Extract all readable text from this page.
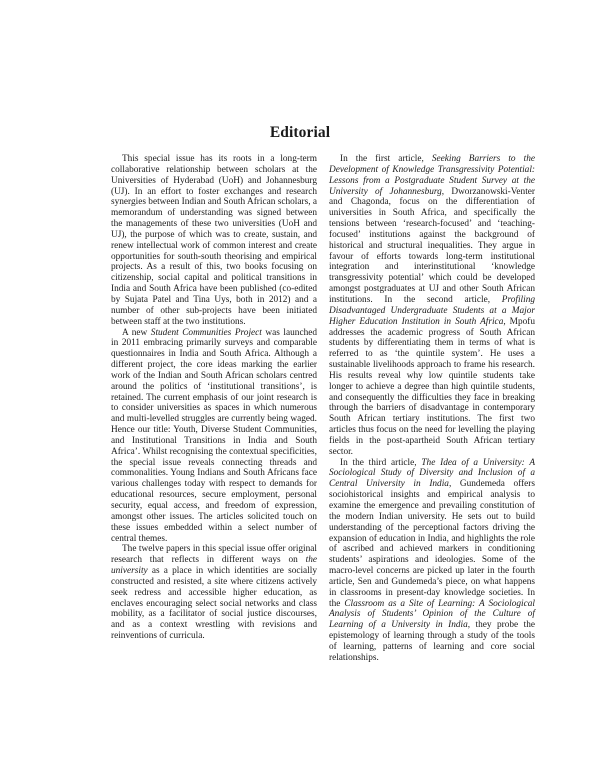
Editorial

This special issue has its roots in a long-term collaborative relationship between scholars at the Universities of Hyderabad (UoH) and Johannesburg (UJ). In an effort to foster exchanges and research synergies between Indian and South African scholars, a memorandum of understanding was signed between the managements of these two universities (UoH and UJ), the purpose of which was to create, sustain, and renew intellectual work of common interest and create opportunities for south-south theorising and empirical projects. As a result of this, two books focusing on citizenship, social capital and political transitions in India and South Africa have been published (co-edited by Sujata Patel and Tina Uys, both in 2012) and a number of other sub-projects have been initiated between staff at the two institutions.

A new Student Communities Project was launched in 2011 embracing primarily surveys and comparable questionnaires in India and South Africa. Although a different project, the core ideas marking the earlier work of the Indian and South African scholars centred around the politics of ‘institutional transitions’, is retained. The current emphasis of our joint research is to consider universities as spaces in which numerous and multi-levelled struggles are currently being waged. Hence our title: Youth, Diverse Student Communities, and Institutional Transitions in India and South Africa’. Whilst recognising the contextual specificities, the special issue reveals connecting threads and commonalities. Young Indians and South Africans face various challenges today with respect to demands for educational resources, secure employment, personal security, equal access, and freedom of expression, amongst other issues. The articles solicited touch on these issues embedded within a select number of central themes.

The twelve papers in this special issue offer original research that reflects in different ways on the university as a place in which identities are socially constructed and resisted, a site where citizens actively seek redress and accessible higher education, as enclaves encouraging select social networks and class mobility, as a facilitator of social justice discourses, and as a context wrestling with revisions and reinventions of curricula.

In the first article, Seeking Barriers to the Development of Knowledge Transgressivity Potential: Lessons from a Postgraduate Student Survey at the University of Johannesburg, Dworzanowski-Venter and Chagonda, focus on the differentiation of universities in South Africa, and specifically the tensions between ‘research-focused’ and ‘teaching-focused’ institutions against the background of historical and structural inequalities. They argue in favour of efforts towards long-term institutional integration and interinstitutional ‘knowledge transgressivity potential’ which could be developed amongst postgraduates at UJ and other South African institutions. In the second article, Profiling Disadvantaged Undergraduate Students at a Major Higher Education Institution in South Africa, Mpofu addresses the academic progress of South African students by differentiating them in terms of what is referred to as ‘the quintile system’. He uses a sustainable livelihoods approach to frame his research. His results reveal why low quintile students take longer to achieve a degree than high quintile students, and consequently the difficulties they face in breaking through the barriers of disadvantage in contemporary South African tertiary institutions. The first two articles thus focus on the need for levelling the playing fields in the post-apartheid South African tertiary sector.

In the third article, The Idea of a University: A Sociological Study of Diversity and Inclusion of a Central University in India, Gundemeda offers sociohistorical insights and empirical analysis to examine the emergence and prevailing constitution of the modern Indian university. He sets out to build understanding of the perceptional factors driving the expansion of education in India, and highlights the role of ascribed and achieved markers in conditioning students’ aspirations and ideologies. Some of the macro-level concerns are picked up later in the fourth article, Sen and Gundemeda’s piece, on what happens in classrooms in present-day knowledge societies. In the Classroom as a Site of Learning: A Sociological Analysis of Students’ Opinion of the Culture of Learning of a University in India, they probe the epistemology of learning through a study of the tools of learning, patterns of learning and core social relationships.
